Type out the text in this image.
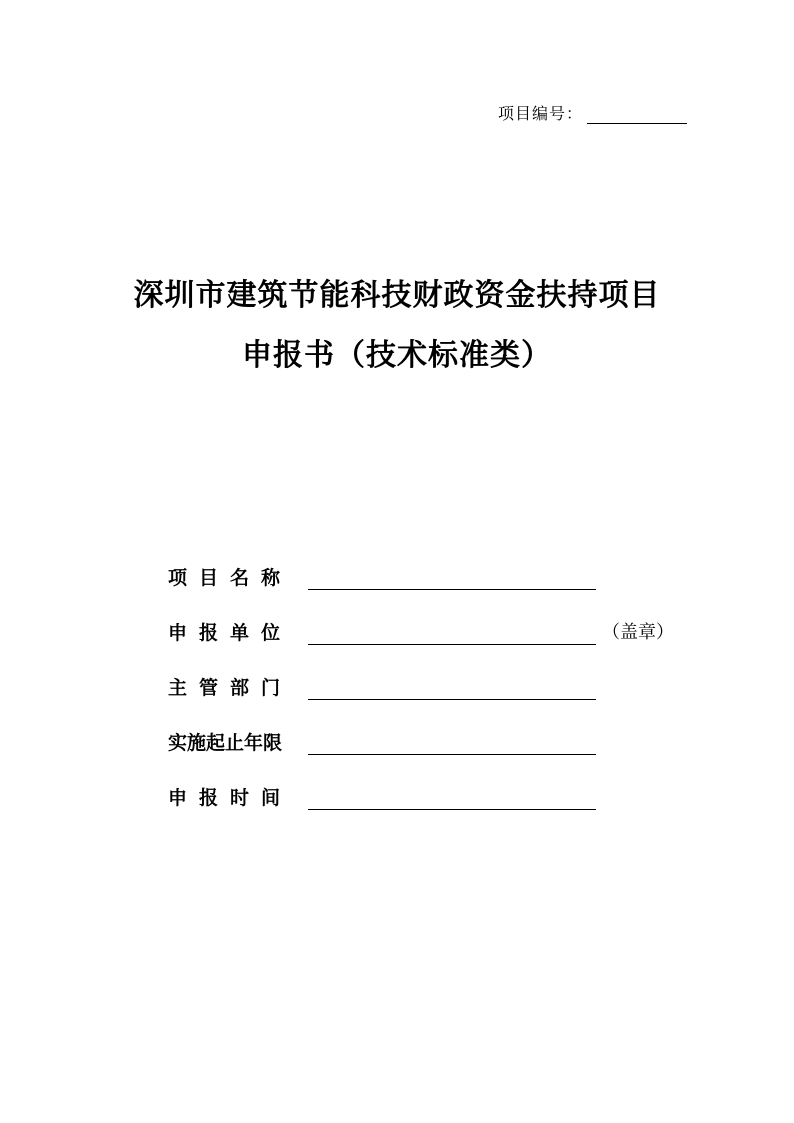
项目编号：
深圳市建筑节能科技财政资金扶持项目
申报书（技术标准类）
项目名称
申报单位	（盖章）
主管部门
实施起止年限
申报时间
